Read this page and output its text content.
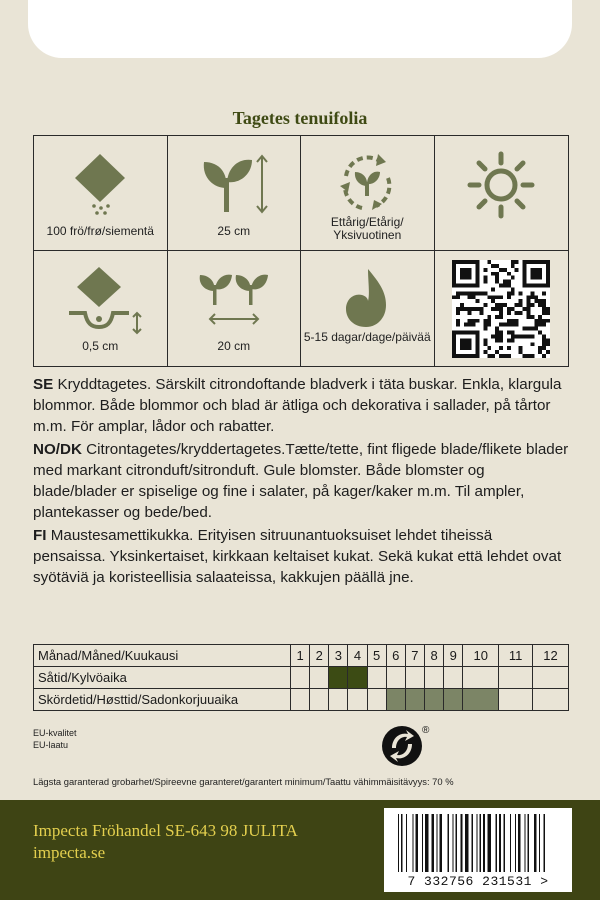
Tagetes tenuifolia
100 frö/frø/siementä	25 cm
Ettårig/Etårig/ Yksivuotinen
0,5 cm	20 cm
5-15 dagar/dage/päivää

SE Kryddtagetes. Särskilt citrondoftande bladverk i täta buskar. Enkla, klargula blommor. Både blommor och blad är ätliga och dekorativa i sallader, på tårtor m.m. För amplar, lådor och rabatter.

NO/DK Citrontagetes/kryddertagetes.Tætte/tette, fint fligede blade/flikete blader med markant citronduft/sitronduft. Gule blomster. Både blomster og blade/blader er spiselige og fine i salater, på kager/kaker m.m. Til ampler, plantekasser og bede/bed.

FI Maustesamettikukka. Erityisen sitruunantuoksuiset lehdet tiheissä pensaissa. Yksinkertaiset, kirkkaan keltaiset kukat. Sekä kukat että lehdet ovat syötäviä ja koristeellisia salaateissa, kakkujen päällä jne.

Månad/Måned/Kuukausi	1	2	3	4	5	6	7	8	9	10	11	12
Såtid/Kylvöaika												
Skördetid/Høsttid/Sadonkorjuuaika												
EU-kvalitet
EU-laatu
®
Lägsta garanterad grobarhet/Spireevne garanteret/garantert minimum/Taattu vähimmäisitävyys: 70 %
Impecta Fröhandel SE-643 98 JULITA
impecta.se
7 332756 231531 >
